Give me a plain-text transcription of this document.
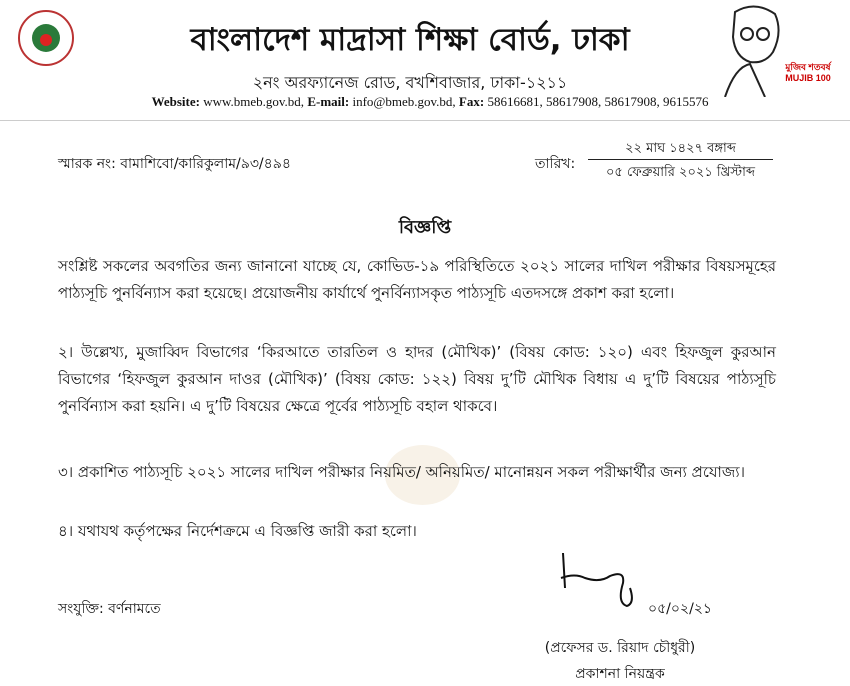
বাংলাদেশ মাদ্রাসা শিক্ষা বোর্ড, ঢাকা
২নং অরফ্যানেজ রোড, বখশিবাজার, ঢাকা-১২১১
Website: www.bmeb.gov.bd, E-mail: info@bmeb.gov.bd, Fax: 58616681, 58617908, 58617908, 9615576
মুজিব শতবর্ষ MUJIB 100
স্মারক নং: বামাশিবো/কারিকুলাম/৯৩/৪৯৪	তারিখ:
২২ মাঘ ১৪২৭ বঙ্গাব্দ
০৫ ফেব্রুয়ারি ২০২১ খ্রিস্টাব্দ
বিজ্ঞপ্তি
সংশ্লিষ্ট সকলের অবগতির জন্য জানানো যাচ্ছে যে, কোভিড-১৯ পরিস্থিতিতে ২০২১ সালের দাখিল পরীক্ষার বিষয়সমূহের পাঠ্যসূচি পুনর্বিন্যাস করা হয়েছে। প্রয়োজনীয় কার্যার্থে পুনর্বিন্যাসকৃত পাঠ্যসূচি এতদসঙ্গে প্রকাশ করা হলো।
২। উল্লেখ্য, মুজাব্বিদ বিভাগের ‘কিরআতে তারতিল ও হাদর (মৌখিক)’ (বিষয় কোড: ১২০) এবং হিফজুল কুরআন বিভাগের ‘হিফজুল কুরআন দাওর (মৌখিক)’ (বিষয় কোড: ১২২) বিষয় দু’টি মৌখিক বিধায় এ দু’টি বিষয়ের পাঠ্যসূচি পুনর্বিন্যাস করা হয়নি। এ দু’টি বিষয়ের ক্ষেত্রে পূর্বের পাঠ্যসূচি বহাল থাকবে।
৩। প্রকাশিত পাঠ্যসূচি ২০২১ সালের দাখিল পরীক্ষার নিয়মিত/ অনিয়মিত/ মানোন্নয়ন সকল পরীক্ষার্থীর জন্য প্রযোজ্য।
৪। যথাযথ কর্তৃপক্ষের নির্দেশক্রমে এ বিজ্ঞপ্তি জারী করা হলো।
সংযুক্তি: বর্ণনামতে	০৫/০২/২১
(প্রফেসর ড. রিয়াদ চৌধুরী)
প্রকাশনা নিয়ন্ত্রক
